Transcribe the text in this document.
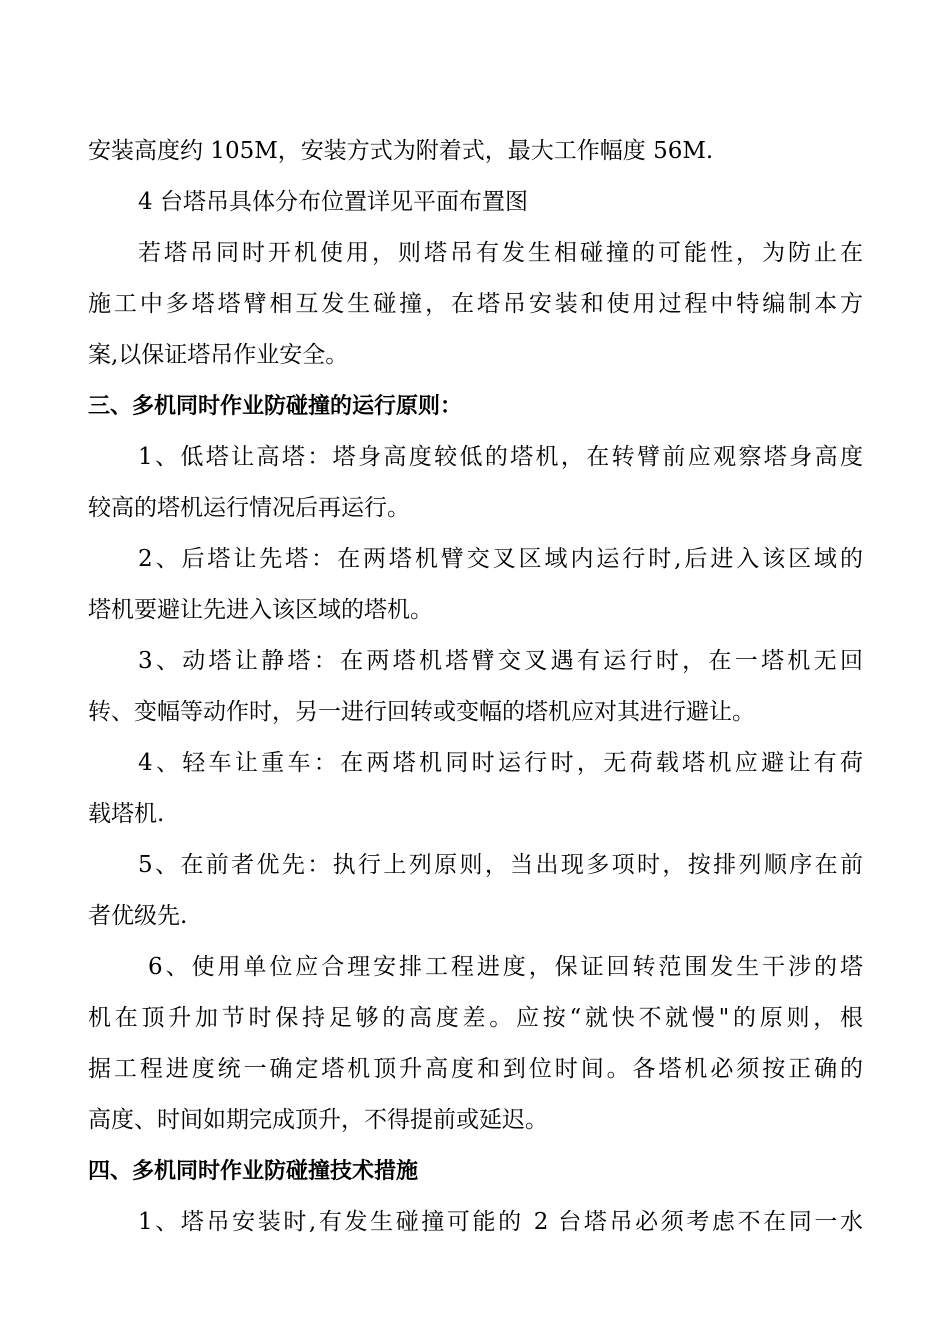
安装高度约 105M，安装方式为附着式，最大工作幅度 56M.
4 台塔吊具体分布位置详见平面布置图
若塔吊同时开机使用，则塔吊有发生相碰撞的可能性，为防止在
施工中多塔塔臂相互发生碰撞，在塔吊安装和使用过程中特编制本方
案,以保证塔吊作业安全。
三、多机同时作业防碰撞的运行原则：
1、低塔让高塔：塔身高度较低的塔机，在转臂前应观察塔身高度
较高的塔机运行情况后再运行。
2、后塔让先塔：在两塔机臂交叉区域内运行时,后进入该区域的
塔机要避让先进入该区域的塔机。
3、动塔让静塔：在两塔机塔臂交叉遇有运行时，在一塔机无回
转、变幅等动作时，另一进行回转或变幅的塔机应对其进行避让。
4、轻车让重车：在两塔机同时运行时，无荷载塔机应避让有荷
载塔机.
5、在前者优先：执行上列原则，当出现多项时，按排列顺序在前
者优级先.
6、使用单位应合理安排工程进度，保证回转范围发生干涉的塔
机在顶升加节时保持足够的高度差。应按“就快不就慢"的原则，根
据工程进度统一确定塔机顶升高度和到位时间。各塔机必须按正确的
高度、时间如期完成顶升，不得提前或延迟。
四、多机同时作业防碰撞技术措施
1、塔吊安装时,有发生碰撞可能的 2 台塔吊必须考虑不在同一水
